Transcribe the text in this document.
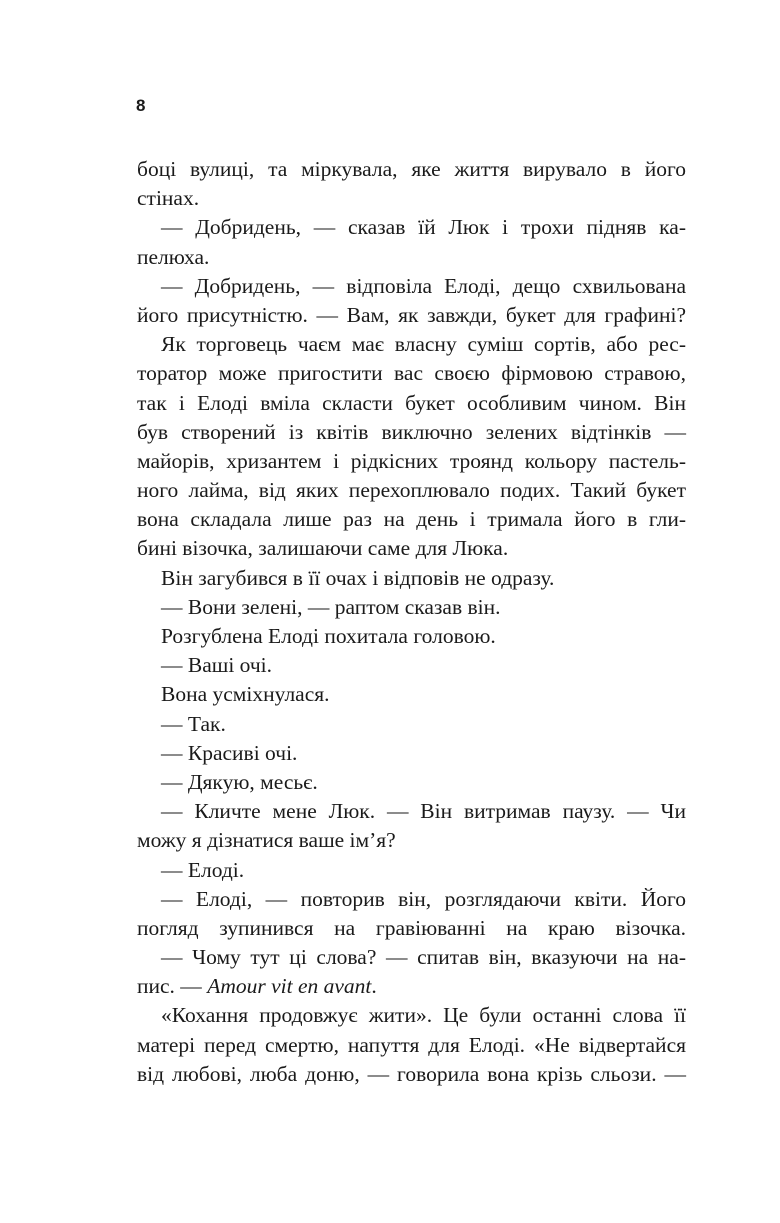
8
боці вулиці, та міркувала, яке життя вирувало в його
стінах.
— Добридень, — сказав їй Люк і трохи підняв ка-
пелюха.
— Добридень, — відповіла Елоді, дещо схвильована
його присутністю. — Вам, як завжди, букет для графині?
Як торговець чаєм має власну суміш сортів, або рес-
торатор може пригостити вас своєю фірмовою стравою,
так і Елоді вміла скласти букет особливим чином. Він
був створений із квітів виключно зелених відтінків —
майорів, хризантем і рідкісних троянд кольору пастель-
ного лайма, від яких перехоплювало подих. Такий букет
вона складала лише раз на день і тримала його в гли-
бині візочка, залишаючи саме для Люка.
Він загубився в її очах і відповів не одразу.
— Вони зелені, — раптом сказав він.
Розгублена Елоді похитала головою.
— Ваші очі.
Вона усміхнулася.
— Так.
— Красиві очі.
— Дякую, месьє.
— Кличте мене Люк. — Він витримав паузу. — Чи
можу я дізнатися ваше ім’я?
— Елоді.
— Елоді, — повторив він, розглядаючи квіти. Його
погляд зупинився на гравіюванні на краю візочка.
— Чому тут ці слова? — спитав він, вказуючи на на-
пис. — Amour vit en avant.
«Кохання продовжує жити». Це були останні слова її
матері перед смертю, напуття для Елоді. «Не відвертайся
від любові, люба доню, — говорила вона крізь сльози. —
